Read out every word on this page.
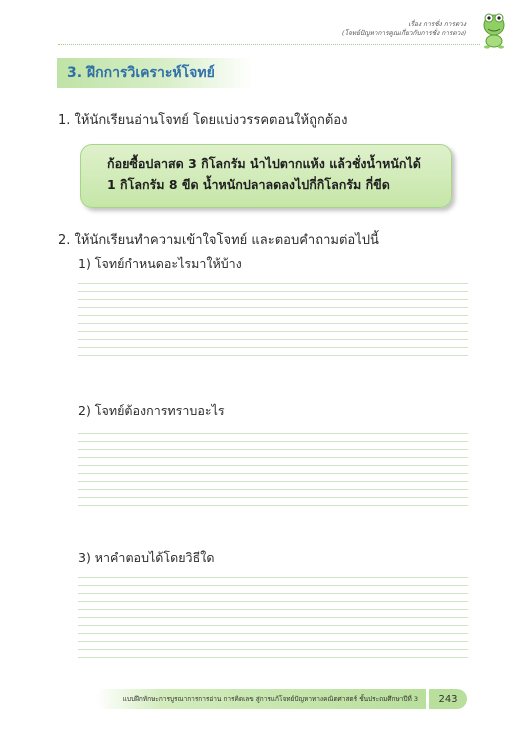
เรื่อง การชั่ง การตวง
(โจทย์ปัญหาการคูณเกี่ยวกับการชั่ง การตวง)
3. ฝึกการวิเคราะห์โจทย์
1. ให้นักเรียนอ่านโจทย์ โดยแบ่งวรรคตอนให้ถูกต้อง
ก้อยซื้อปลาสด 3 กิโลกรัม นำไปตากแห้ง แล้วชั่งน้ำหนักได้
1 กิโลกรัม 8 ขีด น้ำหนักปลาลดลงไปกี่กิโลกรัม กี่ขีด
2. ให้นักเรียนทำความเข้าใจโจทย์ และตอบคำถามต่อไปนี้
1) โจทย์กำหนดอะไรมาให้บ้าง
2) โจทย์ต้องการทราบอะไร
3) หาคำตอบได้โดยวิธีใด
แบบฝึกทักษะการบูรณาการการอ่าน การคิดเลข สู่การแก้โจทย์ปัญหาทางคณิตศาสตร์ ชั้นประถมศึกษาปีที่ 3	243
